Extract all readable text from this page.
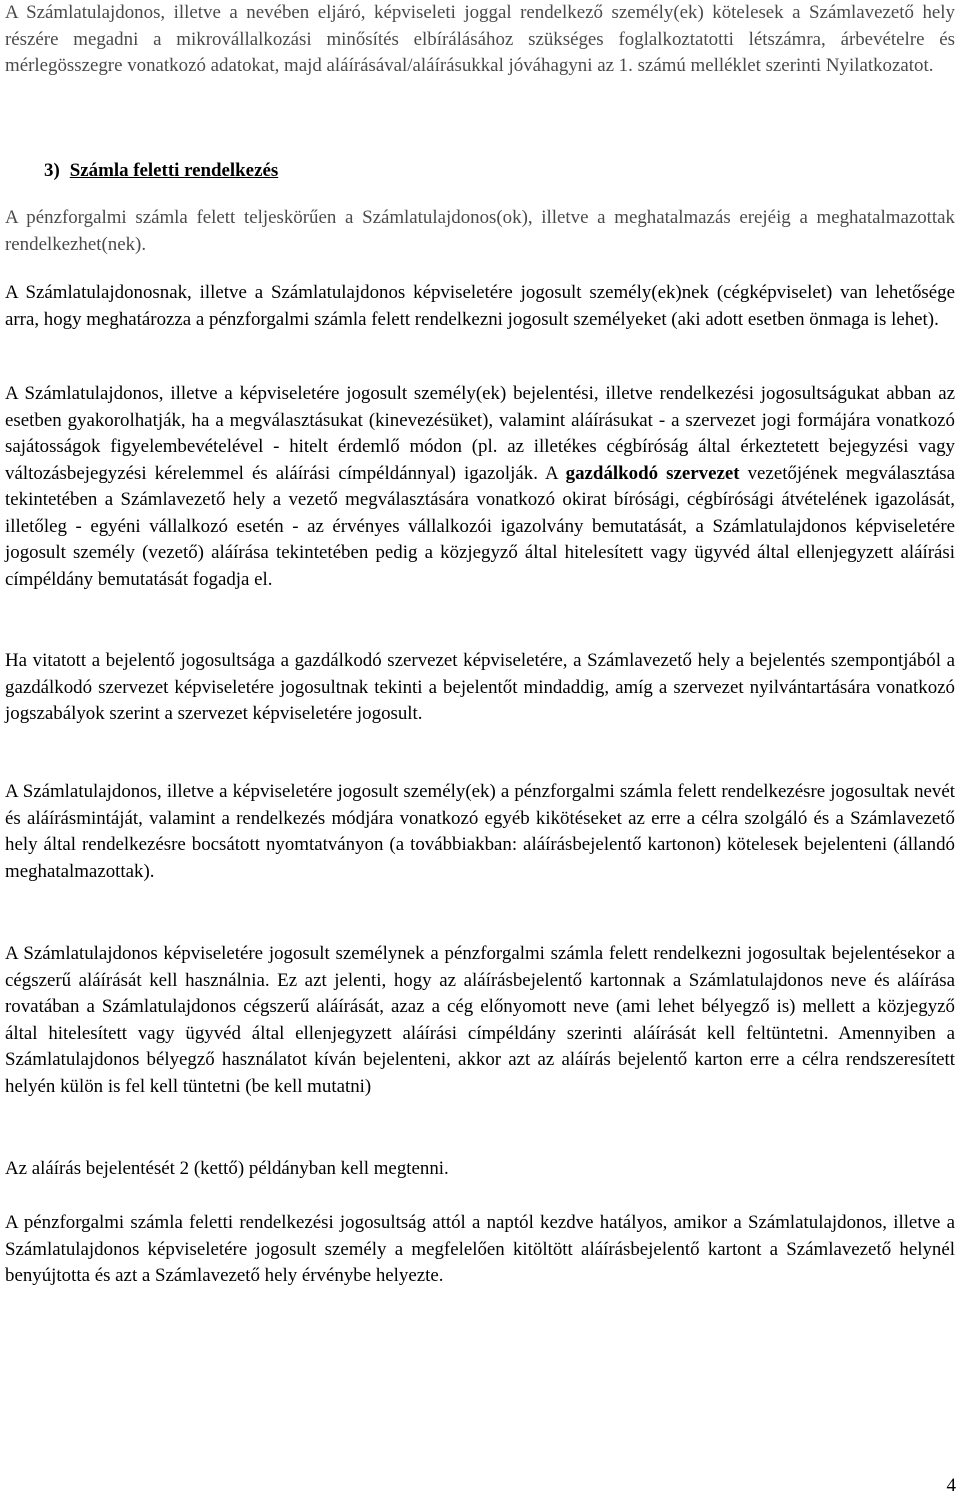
A Számlatulajdonos, illetve a nevében eljáró, képviseleti joggal rendelkező személy(ek) kötelesek a Számlavezető hely részére megadni a mikrovállalkozási minősítés elbírálásához szükséges foglalkoztatotti létszámra, árbevételre és mérlegösszegre vonatkozó adatokat, majd aláírásával/aláírásukkal jóváhagyni az 1. számú melléklet szerinti Nyilatkozatot.

3) Számla feletti rendelkezés

A pénzforgalmi számla felett teljeskörűen a Számlatulajdonos(ok), illetve a meghatalmazás erejéig a meghatalmazottak rendelkezhet(nek).

A Számlatulajdonosnak, illetve a Számlatulajdonos képviseletére jogosult személy(ek)nek (cégképviselet) van lehetősége arra, hogy meghatározza a pénzforgalmi számla felett rendelkezni jogosult személyeket (aki adott esetben önmaga is lehet).

A Számlatulajdonos, illetve a képviseletére jogosult személy(ek) bejelentési, illetve rendelkezési jogosultságukat abban az esetben gyakorolhatják, ha a megválasztásukat (kinevezésüket), valamint aláírásukat - a szervezet jogi formájára vonatkozó sajátosságok figyelembevételével - hitelt érdemlő módon (pl. az illetékes cégbíróság által érkeztetett bejegyzési vagy változásbejegyzési kérelemmel és aláírási címpéldánnyal) igazolják. A gazdálkodó szervezet vezetőjének megválasztása tekintetében a Számlavezető hely a vezető megválasztására vonatkozó okirat bírósági, cégbírósági átvételének igazolását, illetőleg - egyéni vállalkozó esetén - az érvényes vállalkozói igazolvány bemutatását, a Számlatulajdonos képviseletére jogosult személy (vezető) aláírása tekintetében pedig a közjegyző által hitelesített vagy ügyvéd által ellenjegyzett aláírási címpéldány bemutatását fogadja el.

Ha vitatott a bejelentő jogosultsága a gazdálkodó szervezet képviseletére, a Számlavezető hely a bejelentés szempontjából a gazdálkodó szervezet képviseletére jogosultnak tekinti a bejelentőt mindaddig, amíg a szervezet nyilvántartására vonatkozó jogszabályok szerint a szervezet képviseletére jogosult.

A Számlatulajdonos, illetve a képviseletére jogosult személy(ek) a pénzforgalmi számla felett rendelkezésre jogosultak nevét és aláírásmintáját, valamint a rendelkezés módjára vonatkozó egyéb kikötéseket az erre a célra szolgáló és a Számlavezető hely által rendelkezésre bocsátott nyomtatványon (a továbbiakban: aláírásbejelentő kartonon) kötelesek bejelenteni (állandó meghatalmazottak).

A Számlatulajdonos képviseletére jogosult személynek a pénzforgalmi számla felett rendelkezni jogosultak bejelentésekor a cégszerű aláírását kell használnia. Ez azt jelenti, hogy az aláírásbejelentő kartonnak a Számlatulajdonos neve és aláírása rovatában a Számlatulajdonos cégszerű aláírását, azaz a cég előnyomott neve (ami lehet bélyegző is) mellett a közjegyző által hitelesített vagy ügyvéd által ellenjegyzett aláírási címpéldány szerinti aláírását kell feltüntetni. Amennyiben a Számlatulajdonos bélyegző használatot kíván bejelenteni, akkor azt az aláírás bejelentő karton erre a célra rendszeresített helyén külön is fel kell tüntetni (be kell mutatni)

Az aláírás bejelentését 2 (kettő) példányban kell megtenni.

A pénzforgalmi számla feletti rendelkezési jogosultság attól a naptól kezdve hatályos, amikor a Számlatulajdonos, illetve a Számlatulajdonos képviseletére jogosult személy a megfelelően kitöltött aláírásbejelentő kartont a Számlavezető helynél benyújtotta és azt a Számlavezető hely érvénybe helyezte.

4
